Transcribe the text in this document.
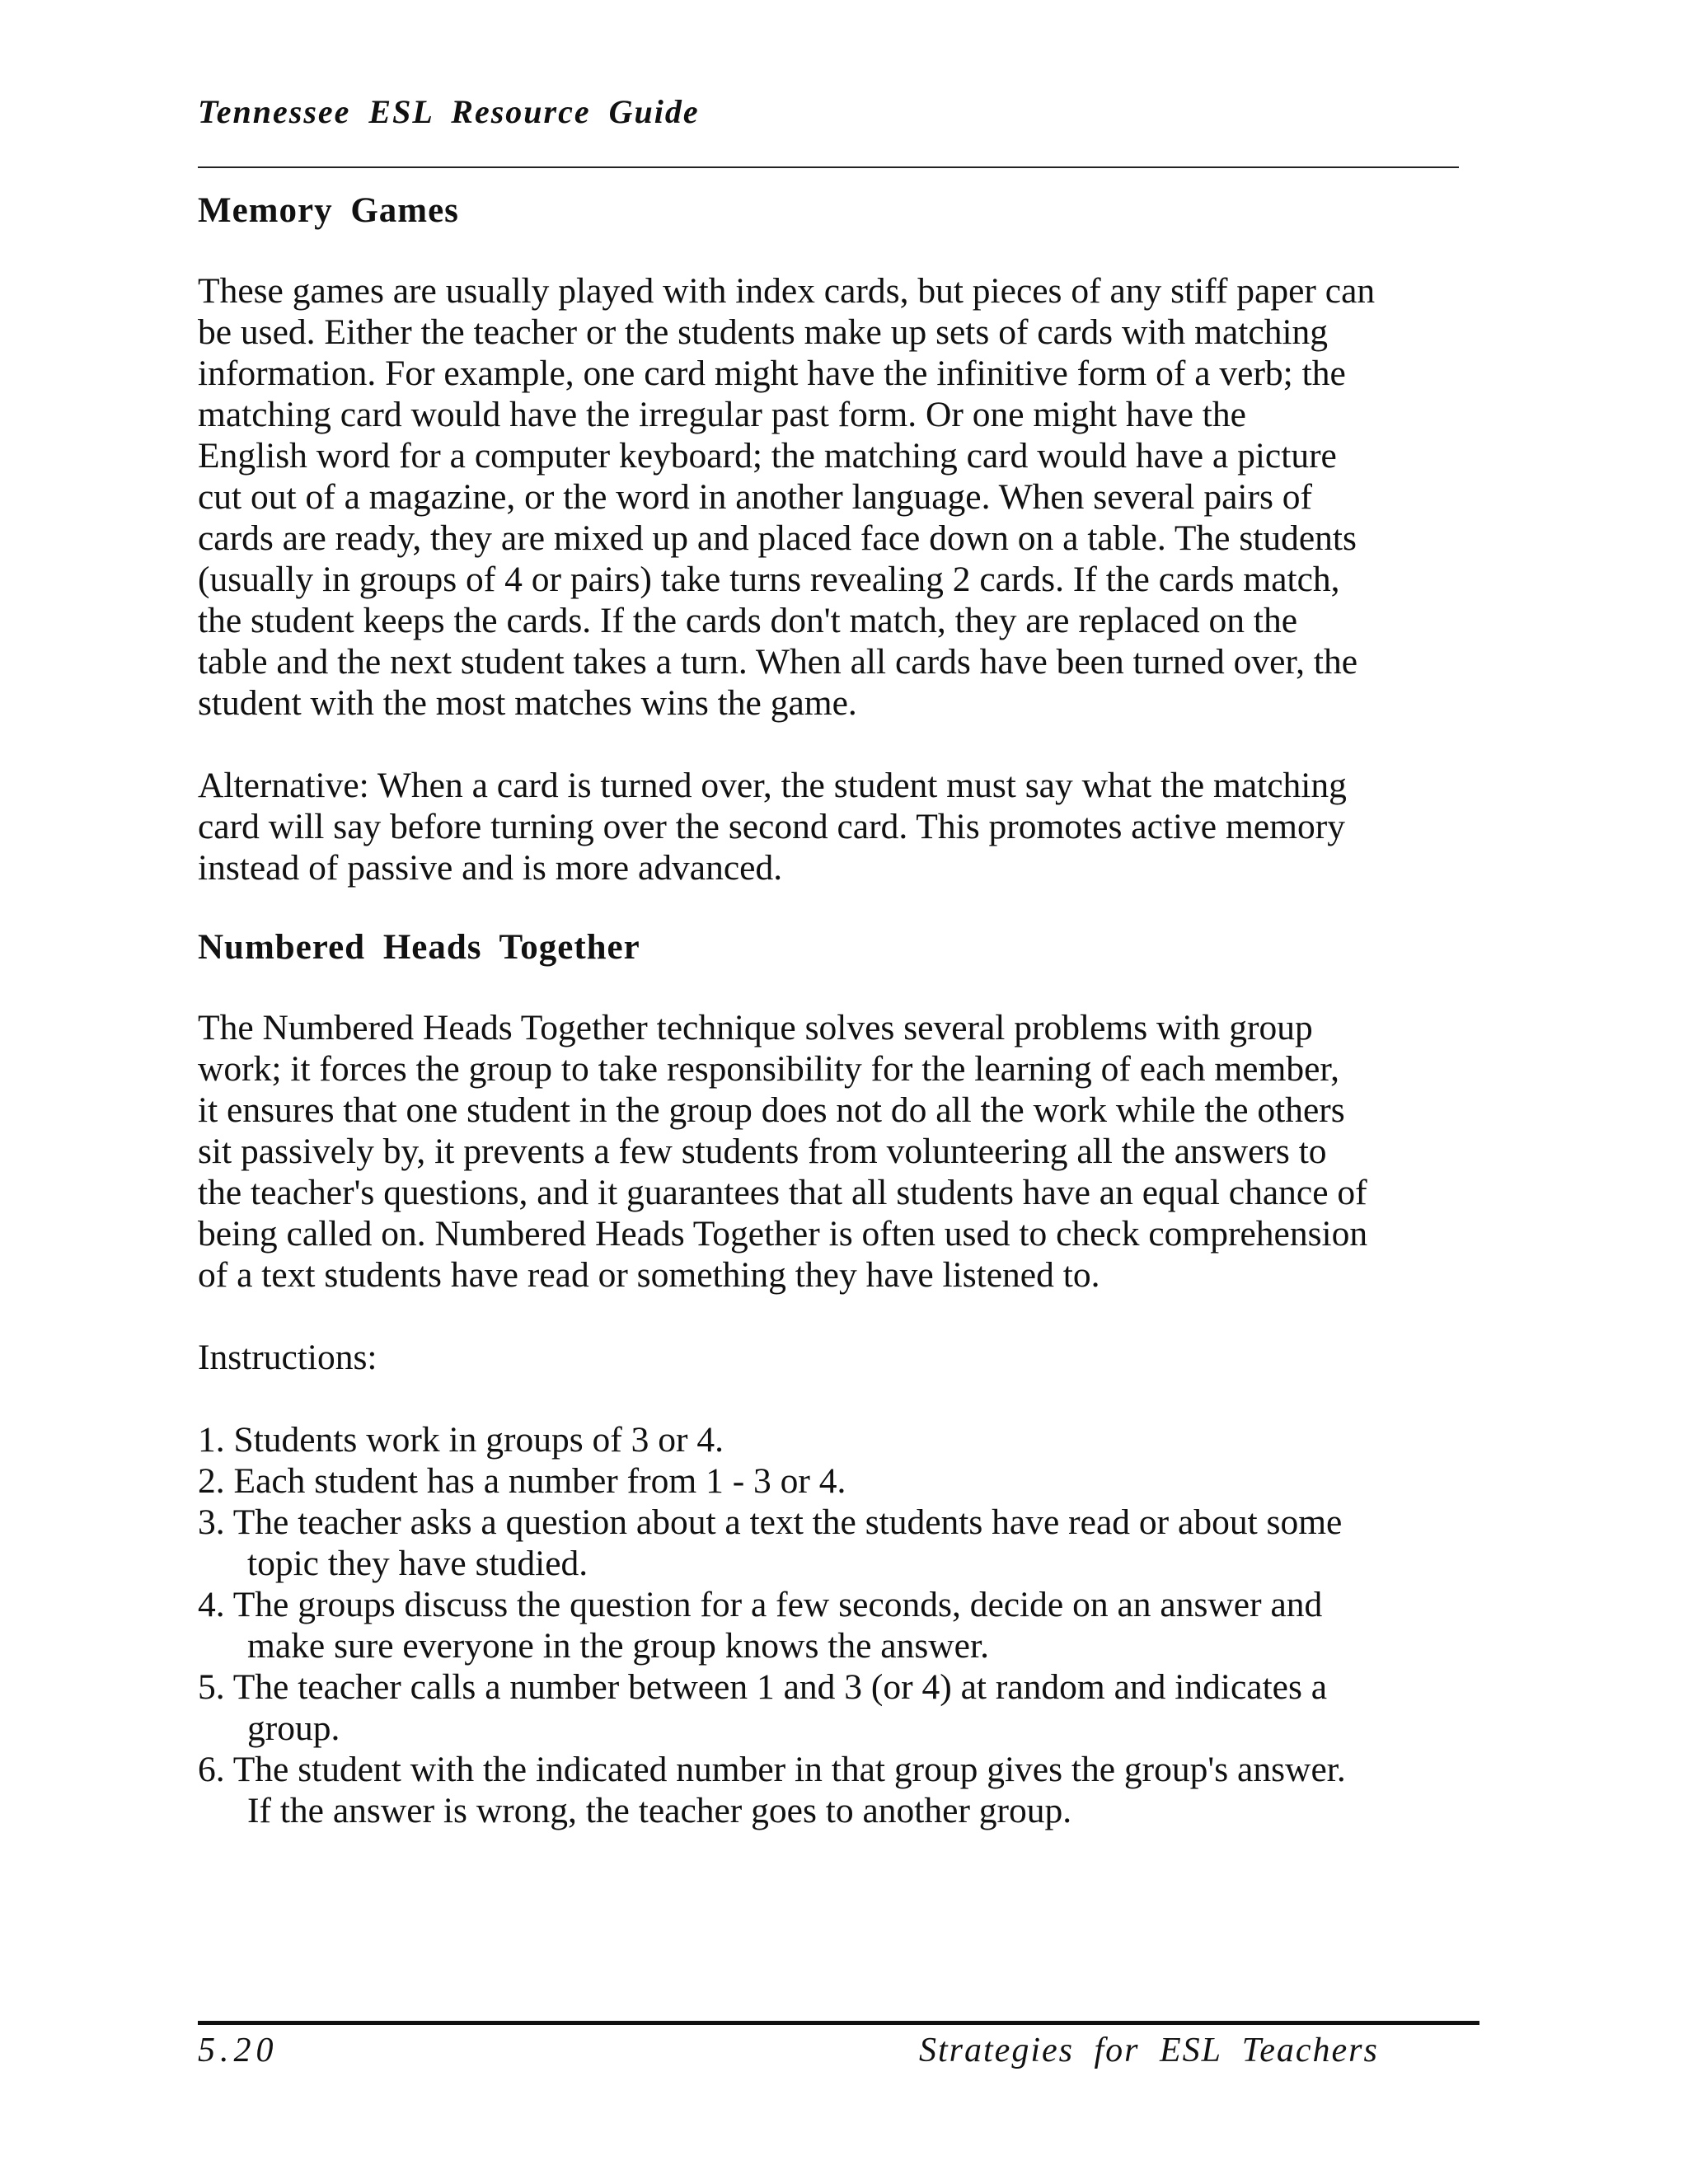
Tennessee ESL Resource Guide
Memory Games

These games are usually played with index cards, but pieces of any stiff paper can
be used. Either the teacher or the students make up sets of cards with matching
information. For example, one card might have the infinitive form of a verb; the
matching card would have the irregular past form. Or one might have the
English word for a computer keyboard; the matching card would have a picture
cut out of a magazine, or the word in another language. When several pairs of
cards are ready, they are mixed up and placed face down on a table. The students
(usually in groups of 4 or pairs) take turns revealing 2 cards. If the cards match,
the student keeps the cards. If the cards don't match, they are replaced on the
table and the next student takes a turn. When all cards have been turned over, the
student with the most matches wins the game.

Alternative: When a card is turned over, the student must say what the matching
card will say before turning over the second card. This promotes active memory
instead of passive and is more advanced.

Numbered Heads Together

The Numbered Heads Together technique solves several problems with group
work; it forces the group to take responsibility for the learning of each member,
it ensures that one student in the group does not do all the work while the others
sit passively by, it prevents a few students from volunteering all the answers to
the teacher's questions, and it guarantees that all students have an equal chance of
being called on. Numbered Heads Together is often used to check comprehension
of a text students have read or something they have listened to.

Instructions:

1. Students work in groups of 3 or 4.
2. Each student has a number from 1 - 3 or 4.
3. The teacher asks a question about a text the students have read or about some
topic they have studied.
4. The groups discuss the question for a few seconds, decide on an answer and
make sure everyone in the group knows the answer.
5. The teacher calls a number between 1 and 3 (or 4) at random and indicates a
group.
6. The student with the indicated number in that group gives the group's answer.
If the answer is wrong, the teacher goes to another group.
5.20	Strategies for ESL Teachers
